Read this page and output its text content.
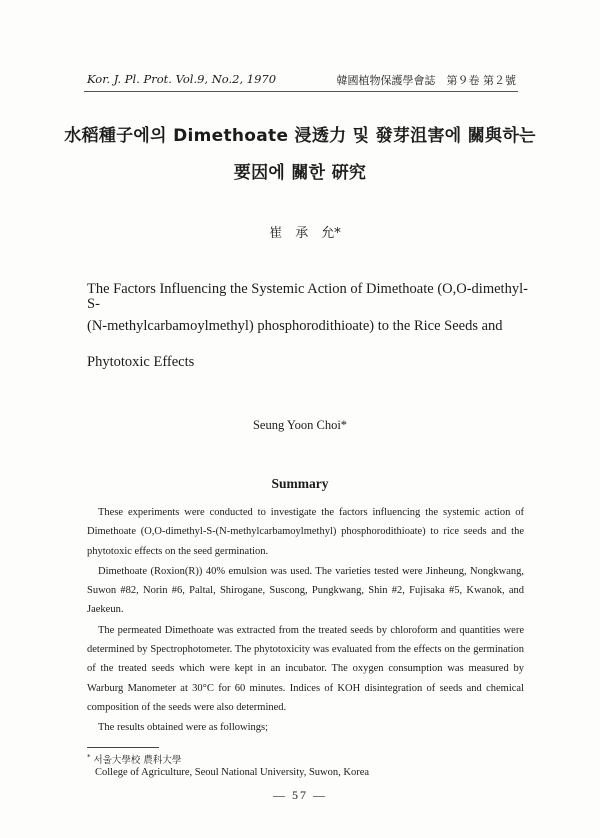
Kor. J. Pl. Prot. Vol.9, No.2, 1970	韓國植物保護學會誌　第９卷 第２號
水稻種子에의 Dimethoate 浸透力 및 發芽沮害에 關與하는
要因에 關한 硏究
崔　承　允*
The Factors Influencing the Systemic Action of Dimethoate (O,O-dimethyl-S-
(N-methylcarbamoylmethyl) phosphorodithioate) to the Rice Seeds and
Phytotoxic Effects
Seung Yoon Choi*
Summary

These experiments were conducted to investigate the factors influencing the systemic action of Dimethoate (O,O-dimethyl-S-(N-methylcarbamoylmethyl) phosphorodithioate) to rice seeds and the phytotoxic effects on the seed germination.

Dimethoate (Roxion(R)) 40% emulsion was used. The varieties tested were Jinheung, Nongkwang, Suwon #82, Norin #6, Paltal, Shirogane, Suscong, Pungkwang, Shin #2, Fujisaka #5, Kwanok, and Jaekeun.

The permeated Dimethoate was extracted from the treated seeds by chloroform and quantities were determined by Spectrophotometer. The phytotoxicity was evaluated from the effects on the germination of the treated seeds which were kept in an incubator. The oxygen consumption was measured by Warburg Manometer at 30°C for 60 minutes. Indices of KOH disintegration of seeds and chemical composition of the seeds were also determined.

The results obtained were as followings;

* 서울大學校 農科大學
College of Agriculture, Seoul National University, Suwon, Korea
— 57 —
